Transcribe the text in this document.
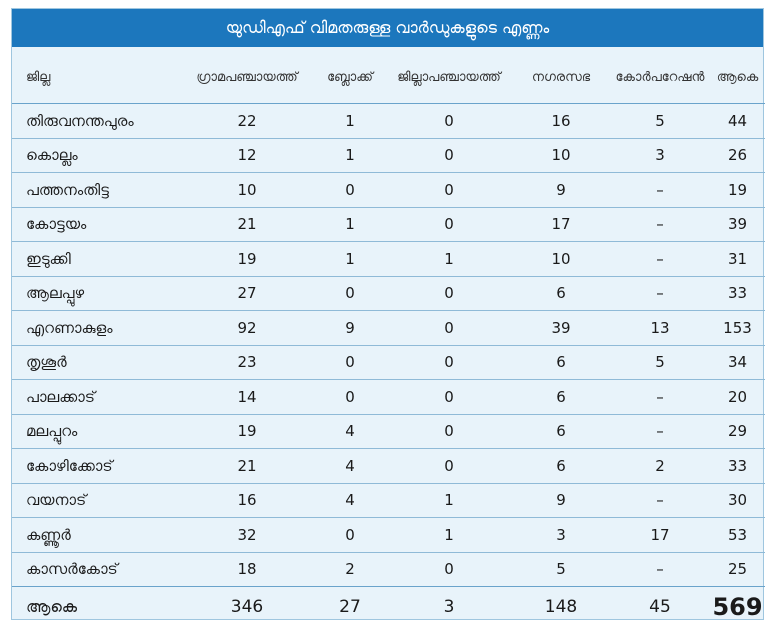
യുഡിഎഫ് വിമതരുള്ള വാർഡുകളുടെ എണ്ണം
ജില്ല	ഗ്രാമപഞ്ചായത്ത്	ബ്ലോക്ക്	ജില്ലാപഞ്ചായത്ത്	നഗരസഭ	കോർപറേഷൻ	ആകെ
തിരുവനന്തപുരം	22	1	0	16	5	44
കൊല്ലം	12	1	0	10	3	26
പത്തനംതിട്ട	10	0	0	9	–	19
കോട്ടയം	21	1	0	17	–	39
ഇടുക്കി	19	1	1	10	–	31
ആലപ്പുഴ	27	0	0	6	–	33
എറണാകുളം	92	9	0	39	13	153
തൃശൂർ	23	0	0	6	5	34
പാലക്കാട്	14	0	0	6	–	20
മലപ്പുറം	19	4	0	6	–	29
കോഴിക്കോട്	21	4	0	6	2	33
വയനാട്	16	4	1	9	–	30
കണ്ണൂർ	32	0	1	3	17	53
കാസർകോട്	18	2	0	5	–	25
ആകെ	346	27	3	148	45	569
